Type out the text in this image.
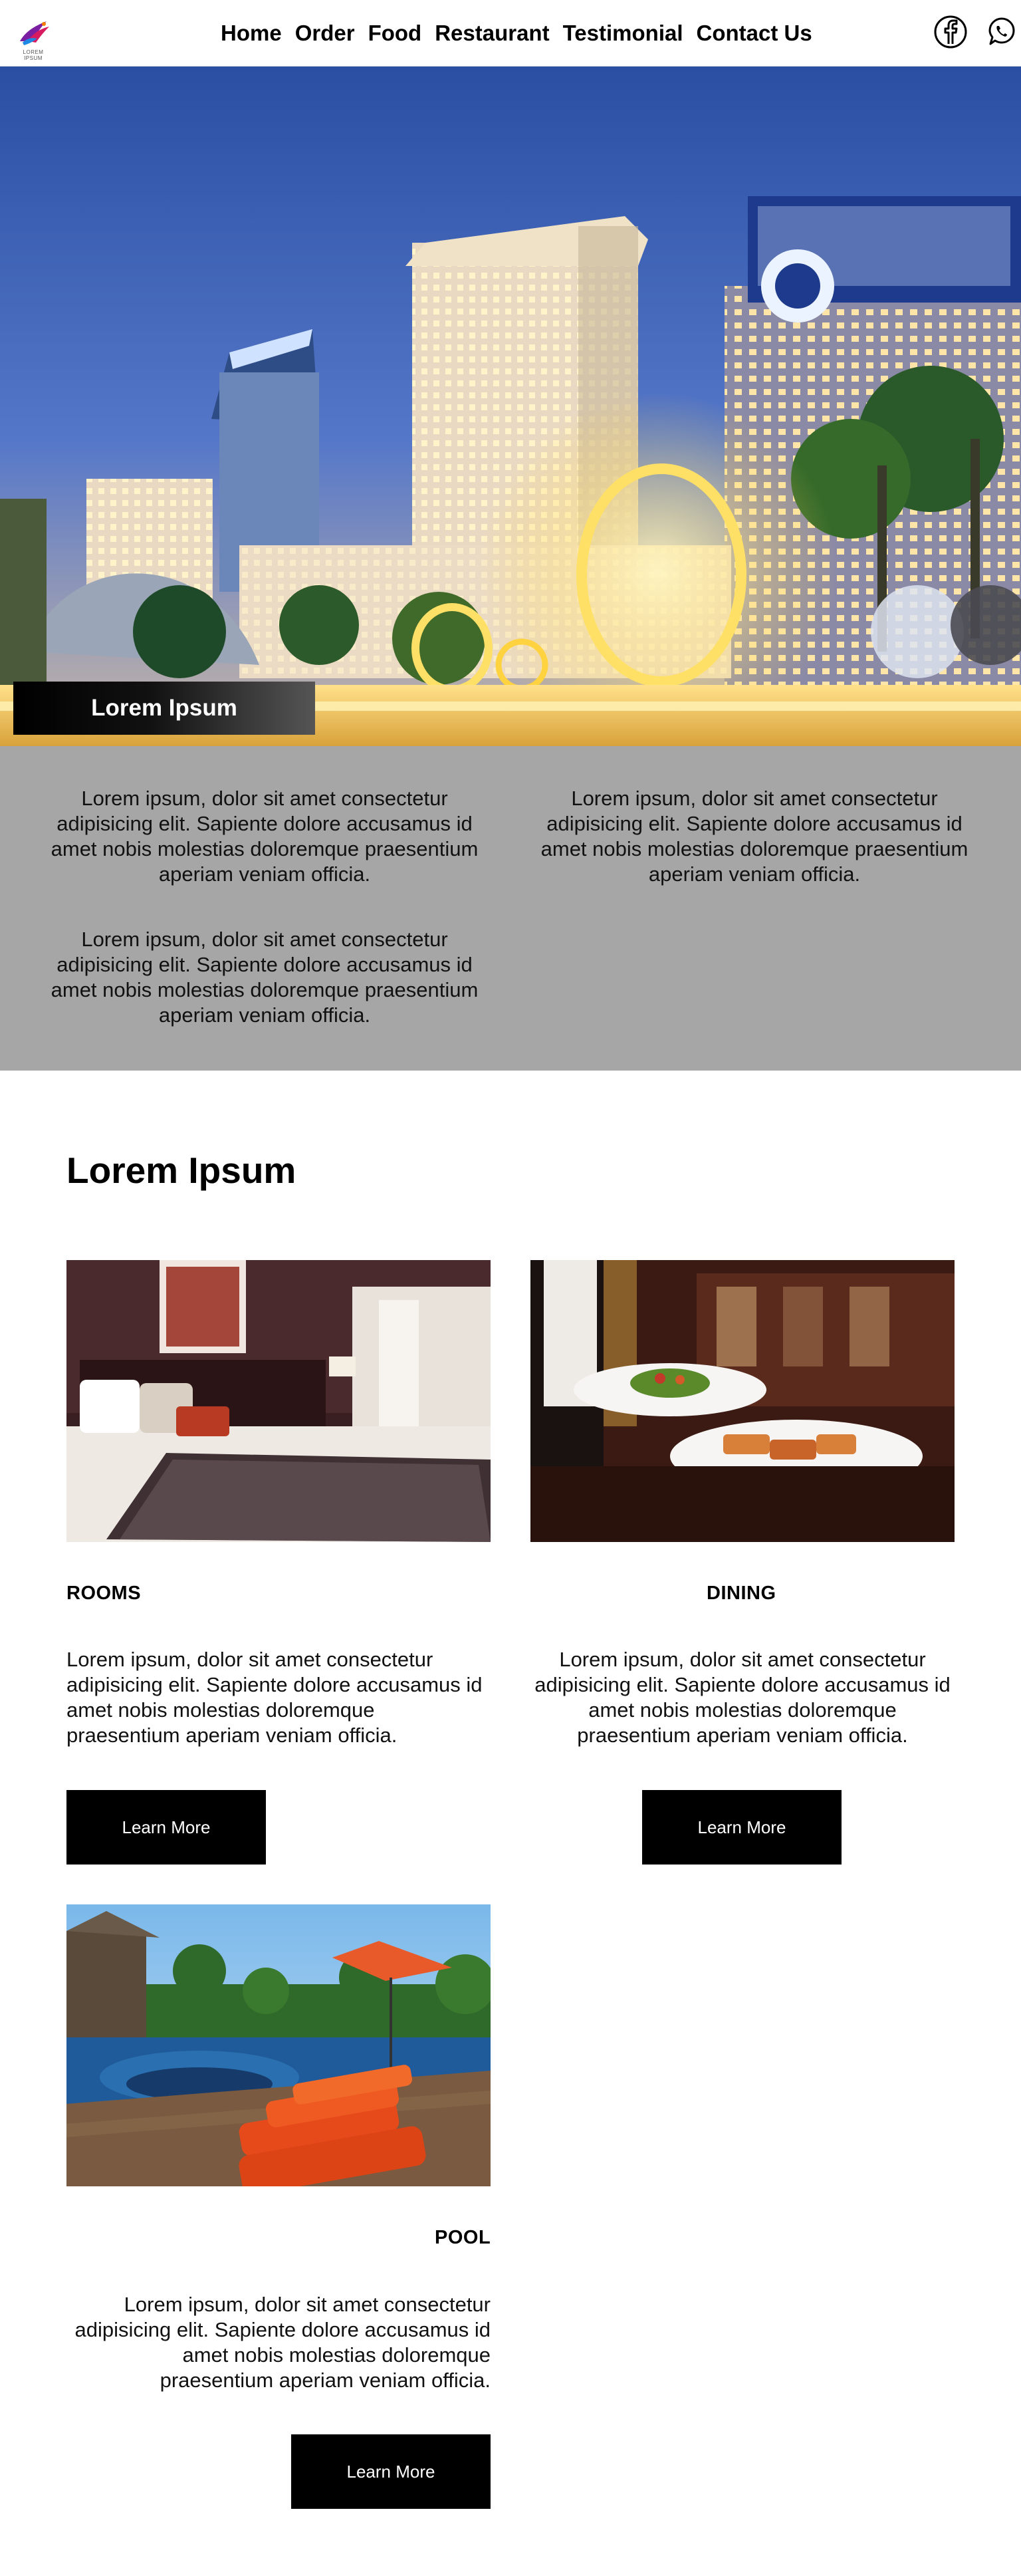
LOREM IPSUM
Home Order Food Restaurant Testimonial Contact Us
Lorem Ipsum

Lorem ipsum, dolor sit amet consectetur adipisicing elit. Sapiente dolore accusamus id amet nobis molestias doloremque praesentium aperiam veniam officia.

Lorem ipsum, dolor sit amet consectetur adipisicing elit. Sapiente dolore accusamus id amet nobis molestias doloremque praesentium aperiam veniam officia.

Lorem ipsum, dolor sit amet consectetur adipisicing elit. Sapiente dolore accusamus id amet nobis molestias doloremque praesentium aperiam veniam officia.

Lorem Ipsum
ROOMS

Lorem ipsum, dolor sit amet consectetur adipisicing elit. Sapiente dolore accusamus id amet nobis molestias doloremque praesentium aperiam veniam officia.

Learn More
DINING

Lorem ipsum, dolor sit amet consectetur adipisicing elit. Sapiente dolore accusamus id amet nobis molestias doloremque praesentium aperiam veniam officia.

Learn More
POOL

Lorem ipsum, dolor sit amet consectetur adipisicing elit. Sapiente dolore accusamus id amet nobis molestias doloremque praesentium aperiam veniam officia.

Learn More
